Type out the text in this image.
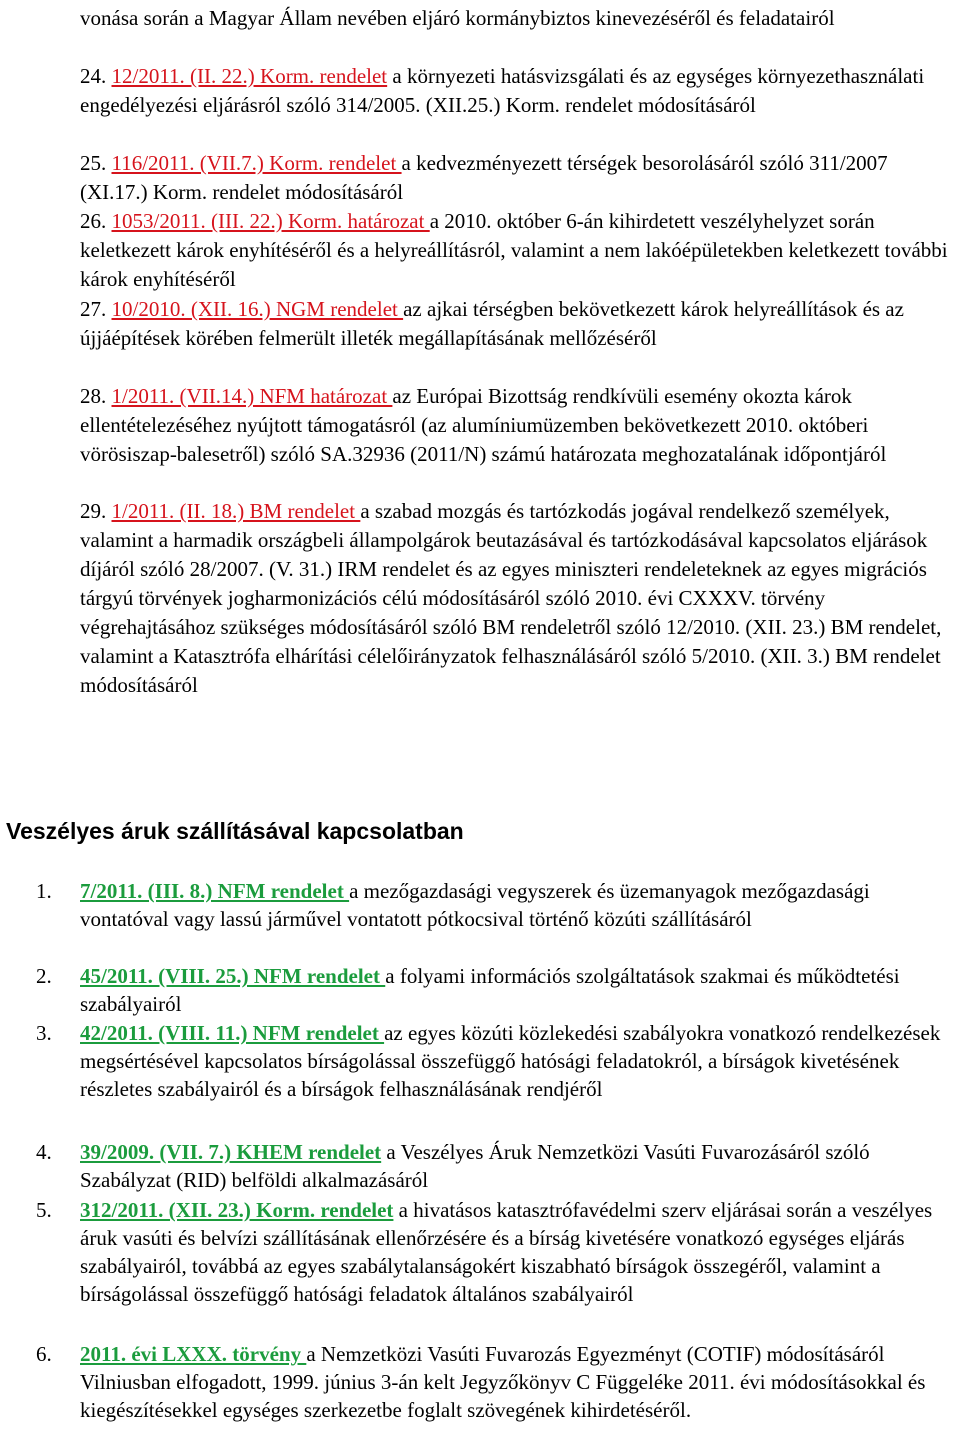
vonása során a Magyar Állam nevében eljáró kormánybiztos kinevezéséről és feladatairól
24. 12/2011. (II. 22.) Korm. rendelet a környezeti hatásvizsgálati és az egységes környezethasználati engedélyezési eljárásról szóló 314/2005. (XII.25.) Korm. rendelet módosításáról
25. 116/2011. (VII.7.) Korm. rendelet a kedvezményezett térségek besorolásáról szóló 311/2007 (XI.17.) Korm. rendelet módosításáról
26. 1053/2011. (III. 22.) Korm. határozat a 2010. október 6-án kihirdetett veszélyhelyzet során keletkezett károk enyhítéséről és a helyreállításról, valamint a nem lakóépületekben keletkezett további károk enyhítéséről
27. 10/2010. (XII. 16.) NGM rendelet az ajkai térségben bekövetkezett károk helyreállítások és az újjáépítések körében felmerült illeték megállapításának mellőzéséről
28. 1/2011. (VII.14.) NFM határozat az Európai Bizottság rendkívüli esemény okozta károk ellentételezéséhez nyújtott támogatásról (az alumíniumüzemben bekövetkezett 2010. októberi vörösiszap-balesetről) szóló SA.32936 (2011/N) számú határozata meghozatalának időpontjáról
29. 1/2011. (II. 18.) BM rendelet a szabad mozgás és tartózkodás jogával rendelkező személyek, valamint a harmadik országbeli állampolgárok beutazásával és tartózkodásával kapcsolatos eljárások díjáról szóló 28/2007. (V. 31.) IRM rendelet és az egyes miniszteri rendeleteknek az egyes migrációs tárgyú törvények jogharmonizációs célú módosításáról szóló 2010. évi CXXXV. törvény végrehajtásához szükséges módosításáról szóló BM rendeletről szóló 12/2010. (XII. 23.) BM rendelet, valamint a Katasztrófa elhárítási célelőirányzatok felhasználásáról szóló 5/2010. (XII. 3.) BM rendelet módosításáról
Veszélyes áruk szállításával kapcsolatban
1. 7/2011. (III. 8.) NFM rendelet a mezőgazdasági vegyszerek és üzemanyagok mezőgazdasági vontatóval vagy lassú járművel vontatott pótkocsival történő közúti szállításáról
2. 45/2011. (VIII. 25.) NFM rendelet a folyami információs szolgáltatások szakmai és működtetési szabályairól
3. 42/2011. (VIII. 11.) NFM rendelet az egyes közúti közlekedési szabályokra vonatkozó rendelkezések megsértésével kapcsolatos bírságolással összefüggő hatósági feladatokról, a bírságok kivetésének részletes szabályairól és a bírságok felhasználásának rendjéről
4. 39/2009. (VII. 7.) KHEM rendelet a Veszélyes Áruk Nemzetközi Vasúti Fuvarozásáról szóló Szabályzat (RID) belföldi alkalmazásáról
5. 312/2011. (XII. 23.) Korm. rendelet a hivatásos katasztrófavédelmi szerv eljárásai során a veszélyes áruk vasúti és belvízi szállításának ellenőrzésére és a bírság kivetésére vonatkozó egységes eljárás szabályairól, továbbá az egyes szabálytalanságokért kiszabható bírságok összegéről, valamint a bírságolással összefüggő hatósági feladatok általános szabályairól
6. 2011. évi LXXX. törvény a Nemzetközi Vasúti Fuvarozás Egyezményt (COTIF) módosításáról Vilniusban elfogadott, 1999. június 3-án kelt Jegyzőkönyv C Függeléke 2011. évi módosításokkal és kiegészítésekkel egységes szerkezetbe foglalt szövegének kihirdetéséről.
